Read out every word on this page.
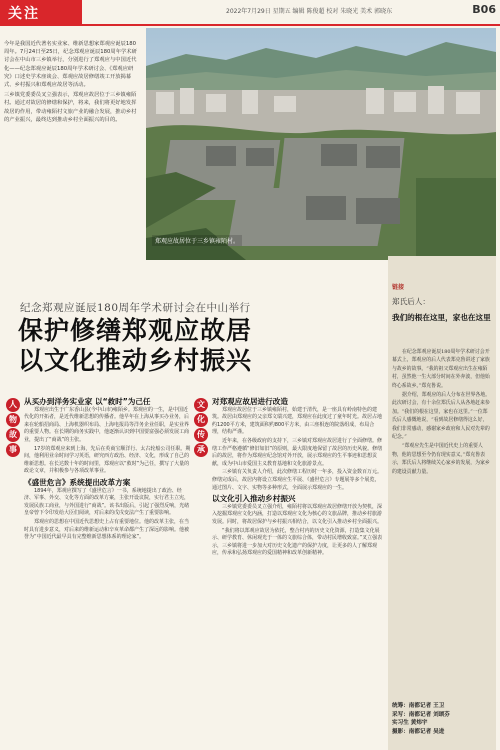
关注	2022年7月29日 星期五 编辑 陈俊超 校对 朱晓光 美术 郭晓东	B06

今年是我国近代著名实业家、维新思想家郑观应诞辰180周年。7月24日至25日，纪念郑观应诞辰180周年学术研讨会在中山市三乡镇举行，分别进行了郑观应与中国近代化——纪念郑观应诞辰180周年学术研讨会、《郑观应研究》口述史学术座谈会、郑观应故居修缮竣工开放揭幕式、乡村振兴和郑观应故居等活动。

三乡镇党委委员叉立强表示，郑观应故居位于三乡镇雍陌村。通过对故居的修缮和保护，将来，我们将更好地发挥故居的作用，带动雍陌村文旅产业的融合发展，推动乡村的产业振兴，最终达到推动乡村全面振兴的目的。

郑观应故居位于三乡镇雍陌村。
纪念郑观应诞辰180周年学术研讨会在中山举行
保护修缮郑观应故居
以文化推动乡村振兴
人
物
故
事
文
化
传
承

从买办到洋务实业家 以“救时”为己任

郑观应出生于广东香山县(今中山市)雍陌乡。郑观应的一生，是中国近代化的开拓者，是近代维新思想的传播者。他早年在上海从事买办业务，后来在轮船招商局、上海机器织布局、上海电报局等洋务企业任职，是实业界的重要人物。在长期的商务实践中，他逐渐认识到中国要富强必须发展工商业，提出了“商战”的主张。

17岁的郑观应来到上海，先后在英商宝顺洋行、太古轮船公司任职。期间，他利用业余时间学习英语，研究西方政治、经济、文化，形成了自己的维新思想。在长达数十年的时间里，郑观应以“救时”为己任，撰写了大量的政论文章，并积极参与各项改革事业。

《盛世危言》系统提出改革方案

1894年，郑观应撰写了《盛世危言》一书，系统地提出了政治、经济、军事、外交、文化等方面的改革方案，主张开设议院，实行君主立宪，发展民族工商业，与外国进行“商战”。该书出版后，引起了强烈反响，光绪皇帝曾下令印发给大臣们阅读，对后来的戊戌变法产生了重要影响。

郑观应的思想在中国近代思想史上占有重要地位。他的改革主张，在当时具有进步意义，对后来的维新运动和辛亥革命都产生了深远的影响。他被誉为“中国近代最早具有完整维新思想体系的理论家”。

对郑观应故居进行改造

郑观应故居位于三乡镇雍陌村，始建于清代，是一座具有岭南特色的建筑。故居由郑观应的父亲郑文瑞兴建，郑观应在此度过了童年时光。故居占地约1200平方米，建筑面积约800平方米，由三座相连的院落组成，布局合理，结构严谨。

近年来，在各级政府的支持下，三乡镇对郑观应故居进行了全面修缮。修缮工作严格遵循“修旧如旧”的原则，最大限度地保留了故居的历史风貌。修缮后的故居，将作为郑观应纪念馆对外开放，展示郑观应的生平事迹和思想贡献，成为中山市爱国主义教育基地和文化旅游景点。

三乡镇有关负责人介绍，此次修缮工程历时一年多，投入资金数百万元。修缮完成后，故居内将设立郑观应生平展、《盛世危言》专题展等多个展览，通过图片、文字、实物等多种形式，全面展示郑观应的一生。

以文化引入推动乡村振兴

三乡镇党委委员叉立强介绍，雍陌村将以郑观应故居修缮开放为契机，深入挖掘郑观应文化内涵，打造以郑观应文化为核心的文旅品牌，推动乡村旅游发展。同时，将故居保护与乡村振兴相结合，以文化引入推动乡村全面振兴。

“我们将以郑观应故居为依托，整合村内的历史文化资源，打造集文化展示、研学教育、休闲观光于一体的文旅综合体，带动村民增收致富。”叉立强表示，三乡镇将进一步加大对历史文化遗产的保护力度，让更多的人了解郑观应，传承和弘扬郑观应的爱国精神和改革创新精神。

链接
郑氏后人：
我们的根在这里，家也在这里

在纪念郑观应诞辰180周年学术研讨会开幕式上，郑观应的后人代表郑克鲁讲述了家族与故乡的故事。“我的祖父郑观应出生在雍陌村，虽然他一生大部分时间在外奔波，但他始终心系故乡。”郑克鲁说。

据介绍，郑观应的后人分布在世界各地。此次研讨会，有十余位郑氏后人从各地赶来参加。“我们的根在这里，家也在这里。”一位郑氏后人感慨地说，“看到故居修缮得这么好，我们非常感动，感谢家乡政府和人民对先辈的纪念。”

“郑观应先生是中国近代史上的重要人物，他的思想至今仍有现实意义。”郑克鲁表示，郑氏后人将继续关心家乡的发展，为家乡的建设贡献力量。

统筹：南都记者 王卫
采写：南都记者 刘颂芬
实习生 黄炜宇
摄影：南都记者 吴进
